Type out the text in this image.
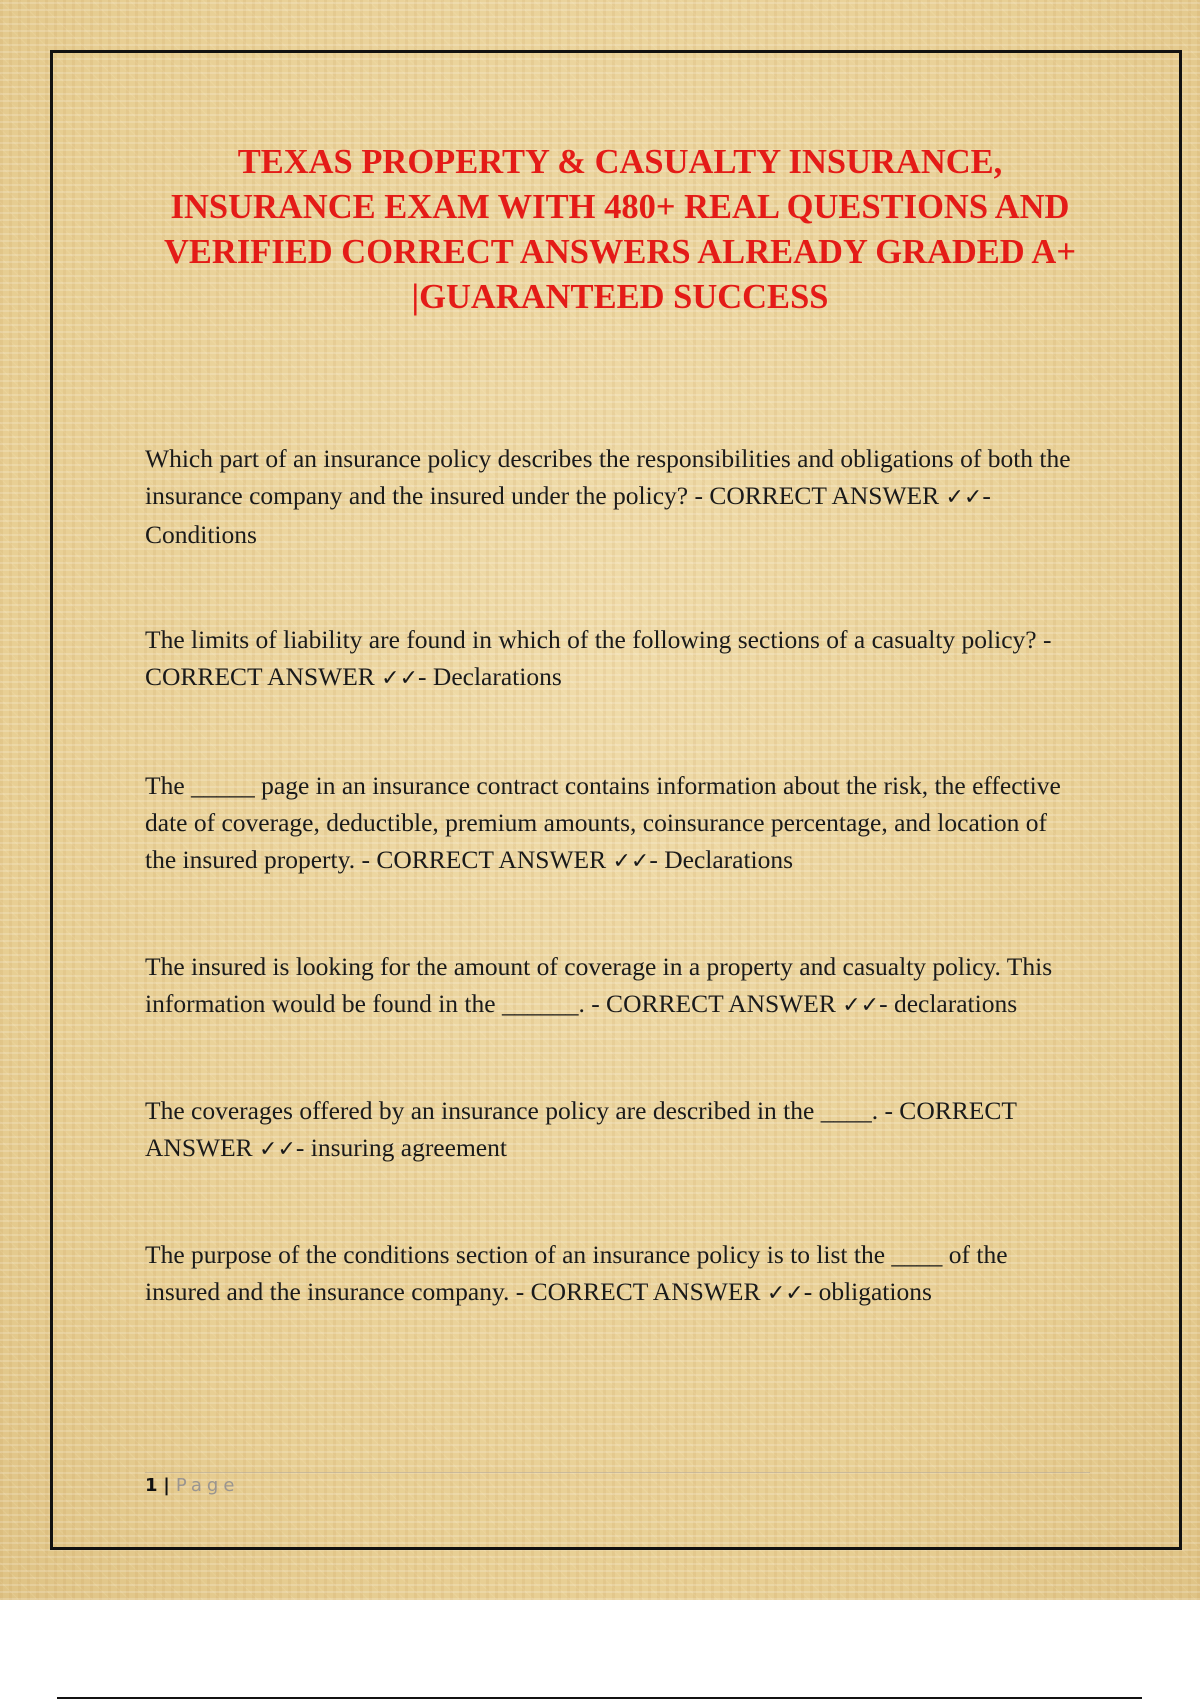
TEXAS PROPERTY & CASUALTY INSURANCE, INSURANCE EXAM WITH 480+ REAL QUESTIONS AND VERIFIED CORRECT ANSWERS ALREADY GRADED A+ |GUARANTEED SUCCESS

Which part of an insurance policy describes the responsibilities and obligations of both the insurance company and the insured under the policy? - CORRECT ANSWER ✓✓- Conditions

The limits of liability are found in which of the following sections of a casualty policy? - CORRECT ANSWER ✓✓- Declarations

The _____ page in an insurance contract contains information about the risk, the effective date of coverage, deductible, premium amounts, coinsurance percentage, and location of the insured property. - CORRECT ANSWER ✓✓- Declarations

The insured is looking for the amount of coverage in a property and casualty policy. This information would be found in the ______. - CORRECT ANSWER ✓✓- declarations

The coverages offered by an insurance policy are described in the ____. - CORRECT ANSWER ✓✓- insuring agreement

The purpose of the conditions section of an insurance policy is to list the ____ of the insured and the insurance company. - CORRECT ANSWER ✓✓- obligations

1 | Page
